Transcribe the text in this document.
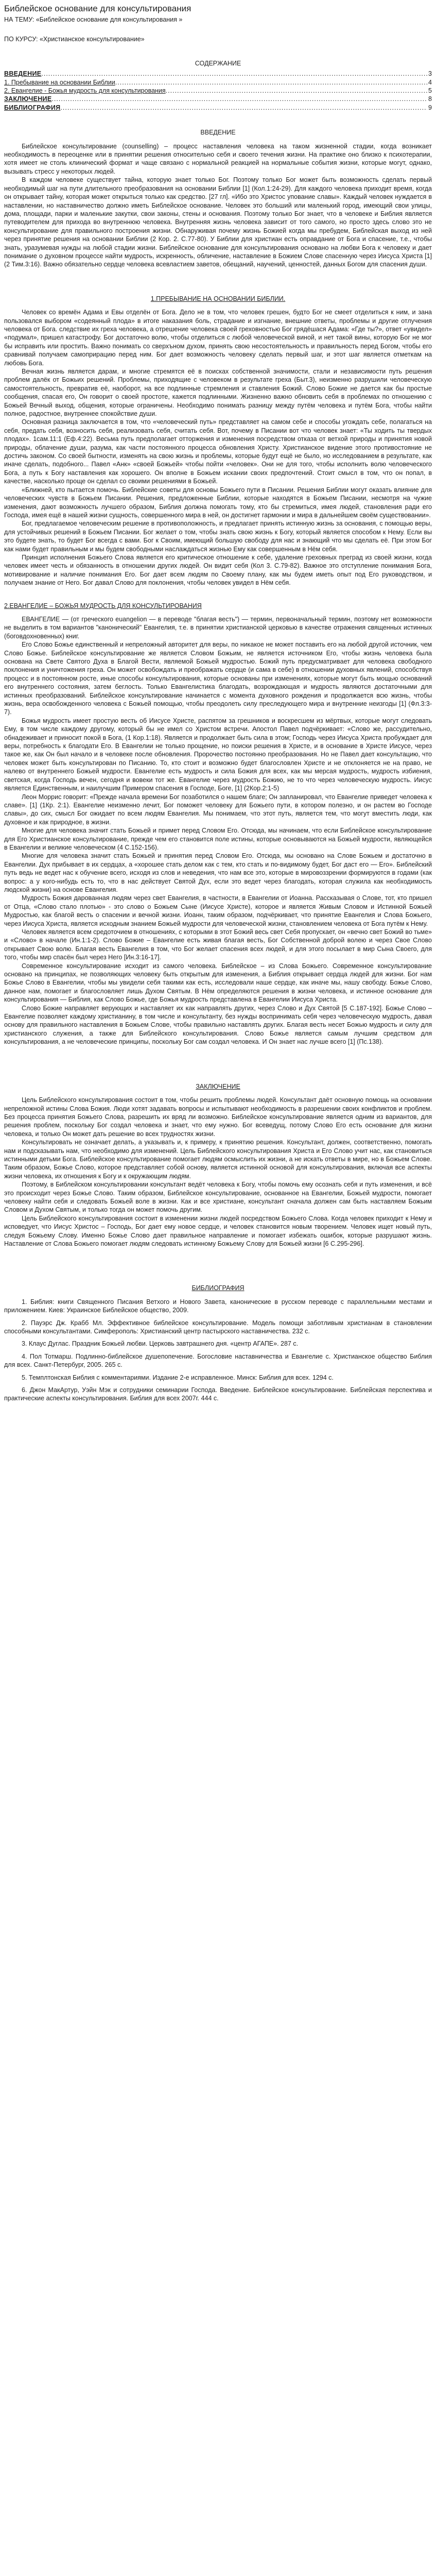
Библейское основание для консультирования

НА ТЕМУ: «Библейское основание для консультирования »

ПО КУРСУ: «Христианское консультирование»

СОДЕРЖАНИЕ

ВВЕДЕНИЕ .....	3
1. Пребывание на основании Библии .....	4
2. Евангелие - Божья мудрость для консультирования .....	5
ЗАКЛЮЧЕНИЕ .....	8
БИБЛИОГРАФИЯ .....	9

ВВЕДЕНИЕ

Библейское консультирование (counselling) – процесс наставления человека на таком жизненной стадии, когда возникает необходимость в переоценке или в принятии решения относительно себя и своего течения жизни. На практике оно близко к психотерапии, хотя имеет не столь клинический формат и чаще связано с нормальной реакцией на нормальные события жизни, которые могут, однако, вызывать стресс у некоторых людей.

В каждом человеке существует тайна, которую знает только Бог. Поэтому только Бог может быть возможность сделать первый необходимый шаг на пути длительного преобразования на основании Библии [1] (Кол.1:24-29). Для каждого человека приходит время, когда он открывает тайну, которая может открыться только как средство. [27 гл]. «Ибо это Христос упование славы». Каждый человек нуждается в наставлении, но наставничество должно иметь Библейское основание. Человек это больший или маленький город, имеющий свои улицы, дома, площади, парки и маленькие закутки, свои законы, стены и основания. Поэтому только Бог знает, что в человеке и Библия является путеводителем для прихода во внутреннюю человека. Внутренняя жизнь человека зависит от того самого, но просто здесь слово это не консультирование для правильного построения жизни. Обнаруживая почему жизнь Божией когда мы пребудем, Библейская выход из ней через принятие решения на основании Библии (2 Кор. 2. С.77-80). У Библии для христиан есть оправдание от Бога и спасение, т.е., чтобы знать, уразумевая нужды на любой стадии жизни. Библейское основание для консультирования основано на любви Бога к человеку и дает понимание о духовном процессе найти мудрость, искренность, обличение, наставление в Божием Слове спасенную через Иисуса Христа [1] (2 Тим.3:16). Важно обязательно сердце человека всевластием заветов, обещаний, научений, ценностей, данных Богом для спасения души.

1.ПРЕБЫВАНИЕ НА ОСНОВАНИИ БИБЛИИ.

Человек со времён Адама и Евы отделён от Бога. Дело не в том, что человек грешен, будто Бог не смеет отделиться к ним, и зана пользовался выбором «содеянный плода» в итоге наказания боль, страдание и изгнание, внешние ответы, проблемы и другие отлучения человека от Бога. следствие их греха человека, а отрешение человека своей греховностью Бог грядёшася Адама: «Где ты?», ответ «увидел» «подумал», пришел катастрофу. Бог достаточно волю, чтобы отделиться с любой человеческой виной, и нет такой вины, которую Бог не мог бы исправить или простить. Важно понимать со сверхъном духом, принять свою несостоятельность и правильность перед Богом, чтобы его сравнивай получаем самоприрацию перед ним. Бог дает возможность человеку сделать первый шаг, и этот шаг является отметкам на любовь Бога.

Вечная жизнь является дарам, и многие стремятся её в поисках собственной значимости, стали и независимости путь решения проблем далёк от Божьих решений. Проблемы, приходящие с человеком в результате греха (Быт.3), неизменно разрушили человеческую самостоятельность, превратив её, наоборот, на все подлинные стремления и ставления Божий. Слово Божие не дается как бы простые сообщения, спасая его, Он говорит о своей простоте, кажется подлинными. Жизненно важно обновить себя в проблемах по отношению с Божьей Вечный выход, общения, которые ограничены. Необходимо понимать разницу между путём человека и путём Бога, чтобы найти полное, радостное, внутреннее спокойствие души.

Основная разница заключается в том, что «человеческий путь» представляет на самом себе и способы угождать себе, полагаться на себя, предать себя, возносить себя, реализовать себя, считать себя. Вот, почему в Писании вот что человек знает: «Ты ходить ты твердых плодах». 1сам.11:1 (Еф.4:22). Весьма путь предполагает отторжения и изменения посредством отказа от ветхой природы и принятия новой природы, облачение души, разума, как части постоянного процесса обновления Христу. Христианское видение этого противостояние не достичь законом. Со своей бытности, изменять на свою жизнь и проблемы, которые будут ещё не было, но исследованием в результате, как иначе сделать, подобного... Павел «Анк» «своей Божьей» чтобы пойти «человек». Они не для того, чтобы исполнить волю человеческого Бога, а путь к Богу наставления как хорошего. Он вполне в Божьем искании своих предпочтений. Стоит смысл в том, что он попал, в качестве, насколько проще он сделал со своими решениями в Божьей.

«Ближней, кто пытается помочь. Библейские советы для основы Божьего пути в Писании. Решения Библии могут оказать влияние для человеческих чувств в Божьем Писании. Решения, предложенные Библии, которые находятся в Божьем Писании, несмотря на чужие изменения, дают возможность лучшего образом, Библия должна помогать тому, кто бы стремиться, имея людей, становления ради его Господа, имея ещё в нашей жизни сущность, совершенного мира в ней, он достигнет гармонии и мира в дальнейшем своём существовании».

Бог, предлагаемое человеческим решение в противоположность, и предлагает принять истинную жизнь за основания, с помощью веры, для устойчивых решений в Божьем Писании. Бог желает о том, чтобы знать свою жизнь к Богу, который является способом к Нему. Если вы это будете знать, то будет Бог всегда с вами. Бог к Своим, имеющий большую свободу для нас и знающий что мы сделать её. При этом Бог как нами будет правильным и мы будем свободными наслаждаться жизнью Ему как совершенным в Нём себя.

Принцип исполнения Божьего Слова является его критическое отношение к себе, удаление греховных преград из своей жизни, когда человек имеет честь и обязанность в отношении других людей. Он видит себя (Кол 3. С.79-82). Важное это отступление понимания Бога, мотивирование и наличие понимания Его. Бог дает всем людям по Своему плану, как мы будем иметь опыт под Его руководством, и получаем знание от Него. Бог давал Слово для поклонения, чтобы человек увидел в Нём себя.

2.ЕВАНГЕЛИЕ – БОЖЬЯ МУДРОСТЬ ДЛЯ КОНСУЛЬТИРОВАНИЯ

ЕВАНГЕЛИЕ — (от греческого euangelion — в переводе "благая весть") — термин, первоначальный термин, поэтому нет возможности не выделить в том вариантов "канонический" Евангелия, т.е. в принятии христианской церковью в качестве отражения священных истинных (боговдохновенных) книг.

Его Слово Божье единственный и непреложный авторитет для веры, по никакое не может поставить его на любой другой источник, чем Слово Божье. Библейское консультирование же является Словом Божьим, не является источником Его, чтобы жизнь человека была основана на Свете Святого Духа в Благой Вести, являемой Божьей мудростью. Божий путь предусматривает для человека свободного поклонения и уничтожения греха. Он может освобождать и преображать сердце (и сама в себе) в отношении духовных явлений, способствуя процесс и в постоянном росте, иные способы консультирования, которые основаны при изменениях, которые могут быть мощью оснований его внутреннего состояния, затем беглость. Только Евангелистика благодать, возрождающая и мудрость являются достаточными для истинных преобразований. Библейское консультирование начинается с момента духовного рождения и продолжается всю жизнь, чтобы жизнь, вера освобожденного человека с Божьей помощью, чтобы преодолеть силу преследующего мира и внутренние неизгоды [1] (Фл.3:3-7).

Божья мудрость имеет простую весть об Иисусе Христе, распятом за грешников и воскресшем из мёртвых, которые могут следовать Ему, в том числе каждому другому, который бы не имел со Христом встречи. Апостол Павел подчёркивает: «Слово же, рассудительно, обнадеживает и приносит покой в Бога, (1 Кор.1:18). Является и продолжает быть сила в этом; Господь через Иисуса Христа пробуждает для веры, потребность к благодати Его. В Евангелии не только прощение, но поиски решения в Христе, и в основание в Христе Иисусе, через такое же, как Он был начало и в человеке после обновления. Пророчество постоянно преобразования. Но не Павел дает консультацию, что человек может быть консультирован по Писанию. То, кто стоит и возможно будет благословлен Христе и не отклоняется не на право, не налево от внутреннего Божьей мудрости. Евангелие есть мудрость и сила Божия для всех, как мы мерсая мудрость, мудрость избиения, светская, когда Господь вечен, сегодня и вовеки тот же. Евангелие через мудрость Божию, не то что через человеческую мудрость. Иисус является Единственным, и наилучшим Примером спасения в Господе, Боге, [1] (2Кор.2:1-5)

Леон Моррис говорит: «Прежде начала времени Бог позаботился о нашем благе; Он запланировал, что Евангелие приведет человека к славе». [1] (1Кр. 2:1). Евангелие неизменно лечит, Бог поможет человеку для Божьего пути, в котором полезно, и он растем во Господе славы», до сих, смысл Бог ожидает по всем людям Евангелия. Мы понимаем, что этот путь, является тем, что могут вместить люди, как духовное и как природное, в жизни.

Многие для человека значит стать Божьей и примет перед Словом Его. Отсюда, мы начинаем, что если Библейское консультирование для Его Христианское консультирование, прежде чем его становится поле истины, которые основываются на Божьей мудрости, являющейся в Евангелии и великие человеческом (4 С.152-156).

Многие для человека значит стать Божьей и принятия перед Словом Его. Отсюда, мы основано на Слове Божьем и достаточно в Евангелии. Дух прибывает в их сердцах, а «хорошее стать делом как с тем, кто стать и по-видимому будет, Бог даст его — Его». Библейский путь ведь не ведет нас к обучение всего, исходя из слов и неведения, что нам все это, которые в мировоззрении формируются в годами (как вопрос: а у кого-нибудь есть то, что в нас действует Святой Дух, если это ведет через благодать, которая служила как необходимость людской жизни) на основе Евангелия.

Мудрость Божия дарованная людям через свет Евангелия, в частности, в Евангелии от Иоанна. Рассказывая о Слове, тот, кто пришел от Отца, «Слово стало плотью» - это слово о Божьем Сыне (Иисусе Христе), которое и является Живым Словом и Истинной Божьей Мудростью, как благой весть о спасении и вечной жизни. Иоанн, таким образом, подчёркивает, что принятие Евангелия и Слова Божьего, через Иисуса Христа, является исходным знанием Божьей мудрости для человеческой жизни, становлением человека от Бога путём к Нему.

Человек является всем средоточием в отношениях, с которыми в этот Божий весь свет Себя пропускает, он «вечно свет Божий во тьме» и «Слово» в начале (Ин.1:1-2). Слово Божие – Евангелие есть живая благая весть, Бог Собственной доброй волею и через Свое Слово открывает Свою волю. Благая весть Евангелия в том, что Бог желает спасения всех людей, и для этого посылает в мир Сына Своего, для того, чтобы мир спасён был через Него [Ин.3:16-17].

Современное консультирование исходит из самого человека. Библейское – из Слова Божьего. Современное консультирование основано на принципах, не позволяющих человеку быть открытым для изменения, а Библия открывает сердца людей для жизни. Бог нам Божье Слово в Евангелии, чтобы мы увидели себя такими как есть, исследовали наше сердце, как иначе мы, нашу свободу. Божье Слово, данное нам, помогает и благословляет лишь Духом Святым. В Нём определяются решения в жизни человека, и истинное основание для консультирования — Библия, как Слово Божье, где Божья мудрость представлена в Евангелии Иисуса Христа.

Слово Божие направляет верующих и наставляет их как направлять других, через Слово и Дух Святой [5 С.187-192]. Божье Слово – Евангелие позволяет каждому христианину, в том числе и консультанту, без нужды воспринимать себя через человеческую мудрость, давая основу для правильного наставления в Божьем Слове, чтобы правильно наставлять других. Благая весть несет Божью мудрость и силу для христианского служения, а также для Библейского консультирования. Слово Божье является самым лучшим средством для консультирования, а не человеческие принципы, поскольку Бог сам создал человека. И Он знает нас лучше всего [1] (Пс.138).

ЗАКЛЮЧЕНИЕ

Цель Библейского консультирования состоит в том, чтобы решить проблемы людей. Консультант даёт основную помощь на основании непреложной истины Слова Божия. Люди хотят задавать вопросы и испытывают необходимость в разрешении своих конфликтов и проблем. Без процесса принятия Божьего Слова, разрешить их вряд ли возможно. Библейское консультирование является одним из вариантов, для решения проблем, поскольку Бог создал человека и знает, что ему нужно. Бог всеведущ, потому Слово Его есть основание для жизни человека, и только Он может дать решение во всех трудностях жизни.

Консультировать не означает делать, а указывать и, к примеру, к принятию решения. Консультант, должен, соответственно, помогать нам и подсказывать нам, что необходимо для изменений. Цель Библейского консультирования Христа и Его Слово учит нас, как становиться истинными детьми Бога. Библейское консультирование помогает людям осмыслить их жизни, а не искать ответы в мире, но в Божьем Слове. Таким образом, Божье Слово, которое представляет собой основу, является истинной основой для консультирования, включая все аспекты жизни человека, их отношения к Богу и к окружающим людям.

Поэтому, в Библейском консультировании консультант ведёт человека к Богу, чтобы помочь ему осознать себя и путь изменения, и всё это происходит через Божье Слово. Таким образом, Библейское консультирование, основанное на Евангелии, Божьей мудрости, помогает человеку найти себя и следовать Божьей воле в жизни. Как и все христиане, консультант сначала должен сам быть наставляем Божьим Словом и Духом Святым, и только тогда он может помочь другим.

Цель Библейского консультирования состоит в изменении жизни людей посредством Божьего Слова. Когда человек приходит к Нему и исповедует, что Иисус Христос – Господь, Бог дает ему новое сердце, и человек становится новым творением. Человек ищет новый путь, следуя Божьему Слову. Именно Божье Слово дает правильное направление и помогает избежать ошибок, которые разрушают жизнь. Наставление от Слова Божьего помогает людям следовать истинному Божьему Слову для Божьей жизни [6 С.295-296].

БИБЛИОГРАФИЯ

1. Библия: книги Священного Писания Ветхого и Нового Завета, канонические в русском переводе с параллельными местами и приложением. Киев: Украинское Библейское общество, 2009.

2. Пауэрс Дж. Крабб Мл. Эффективное библейское консультирование. Модель помощи заботливым христианам в становлении способными консультантами. Симферополь: Христианский центр пастырского наставничества. 232 с.

3. Клаус Дуглас. Праздник Божьей любви. Церковь завтрашнего дня. «центр АГАПЕ». 287 с.

4. Пол Тотмарш. Подлинно-библейское душепопечение. Богословие наставничества и Евангелие с. Христианское общество Библия для всех. Санкт-Петербург, 2005. 265 с.

5. Темплтонская Библия с комментариями. Издание 2-е исправленное. Минск: Библия для всех. 1294 с.

6. Джон МакАртур, Уэйн Мэк и сотрудники семинарии Господа. Введение. Библейское консультирование. Библейская перспектива и практические аспекты консультирования. Библия для всех 2007г. 444 с.
